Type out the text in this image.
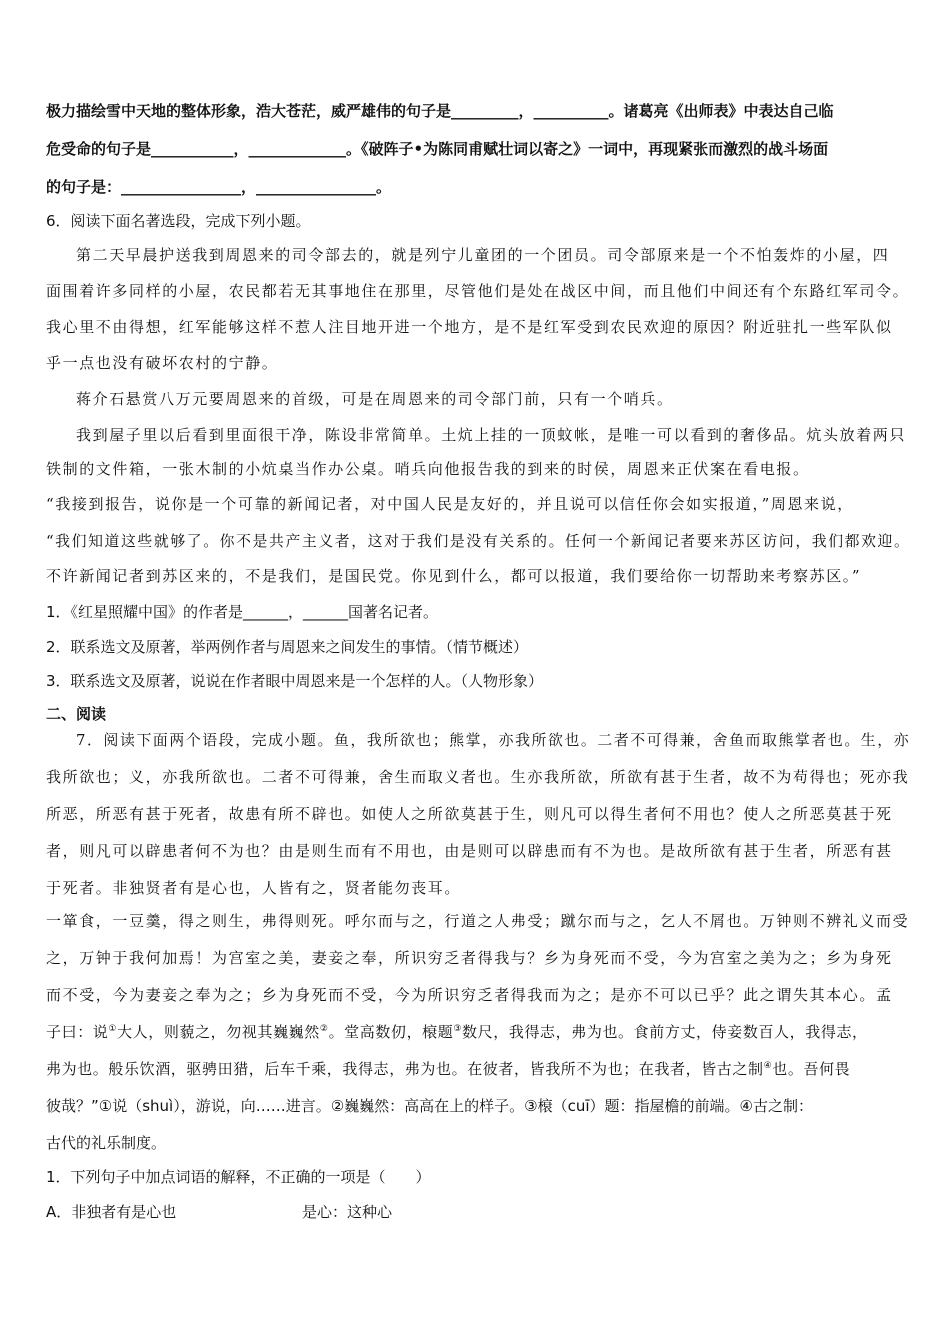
极力描绘雪中天地的整体形象，浩大苍茫，威严雄伟的句子是_________，__________。诸葛亮《出师表》中表达自己临
危受命的句子是___________，_____________。《破阵子•为陈同甫赋壮词以寄之》一词中，再现紧张而激烈的战斗场面
的句子是：________________，________________。
6．阅读下面名著选段，完成下列小题。
第二天早晨护送我到周恩来的司令部去的，就是列宁儿童团的一个团员。司令部原来是一个不怕轰炸的小屋，四
面围着许多同样的小屋，农民都若无其事地住在那里，尽管他们是处在战区中间，而且他们中间还有个东路红军司令。
我心里不由得想，红军能够这样不惹人注目地开进一个地方，是不是红军受到农民欢迎的原因？附近驻扎一些军队似
乎一点也没有破坏农村的宁静。
蒋介石悬赏八万元要周恩来的首级，可是在周恩来的司令部门前，只有一个哨兵。
我到屋子里以后看到里面很干净，陈设非常简单。土炕上挂的一顶蚊帐，是唯一可以看到的奢侈品。炕头放着两只
铁制的文件箱，一张木制的小炕桌当作办公桌。哨兵向他报告我的到来的时侯，周恩来正伏案在看电报。
“我接到报告，说你是一个可靠的新闻记者，对中国人民是友好的，并且说可以信任你会如实报道，”周恩来说，
“我们知道这些就够了。你不是共产主义者，这对于我们是没有关系的。任何一个新闻记者要来苏区访问，我们都欢迎。
不许新闻记者到苏区来的，不是我们，是国民党。你见到什么，都可以报道，我们要给你一切帮助来考察苏区。”
1．《红星照耀中国》的作者是______，______国著名记者。
2．联系选文及原著，举两例作者与周恩来之间发生的事情。（情节概述）
3．联系选文及原著，说说在作者眼中周恩来是一个怎样的人。（人物形象）
二、阅读
7．阅读下面两个语段，完成小题。鱼，我所欲也；熊掌，亦我所欲也。二者不可得兼，舍鱼而取熊掌者也。生，亦
我所欲也；义，亦我所欲也。二者不可得兼，舍生而取义者也。生亦我所欲，所欲有甚于生者，故不为苟得也；死亦我
所恶，所恶有甚于死者，故患有所不辟也。如使人之所欲莫甚于生，则凡可以得生者何不用也？使人之所恶莫甚于死
者，则凡可以辟患者何不为也？由是则生而有不用也，由是则可以辟患而有不为也。是故所欲有甚于生者，所恶有甚
于死者。非独贤者有是心也，人皆有之，贤者能勿丧耳。
一箪食，一豆羹，得之则生，弗得则死。呼尔而与之，行道之人弗受；蹴尔而与之，乞人不屑也。万钟则不辨礼义而受
之，万钟于我何加焉！为宫室之美，妻妾之奉，所识穷乏者得我与？乡为身死而不受，今为宫室之美为之；乡为身死
而不受，今为妻妾之奉为之；乡为身死而不受，今为所识穷乏者得我而为之；是亦不可以已乎？此之谓失其本心。孟
子曰：说①大人，则藐之，勿视其巍巍然②。堂高数仞，榱题③数尺，我得志，弗为也。食前方丈，侍妾数百人，我得志，
弗为也。般乐饮酒，驱骋田猎，后车千乘，我得志，弗为也。在彼者，皆我所不为也；在我者，皆古之制④也。吾何畏
彼哉？”①说（shuì），游说，向……进言。②巍巍然：高高在上的样子。③榱（cuī）题：指屋檐的前端。④古之制：
古代的礼乐制度。
1．下列句子中加点词语的解释，不正确的一项是（　　）
A．非独者有是心也	是心：这种心
